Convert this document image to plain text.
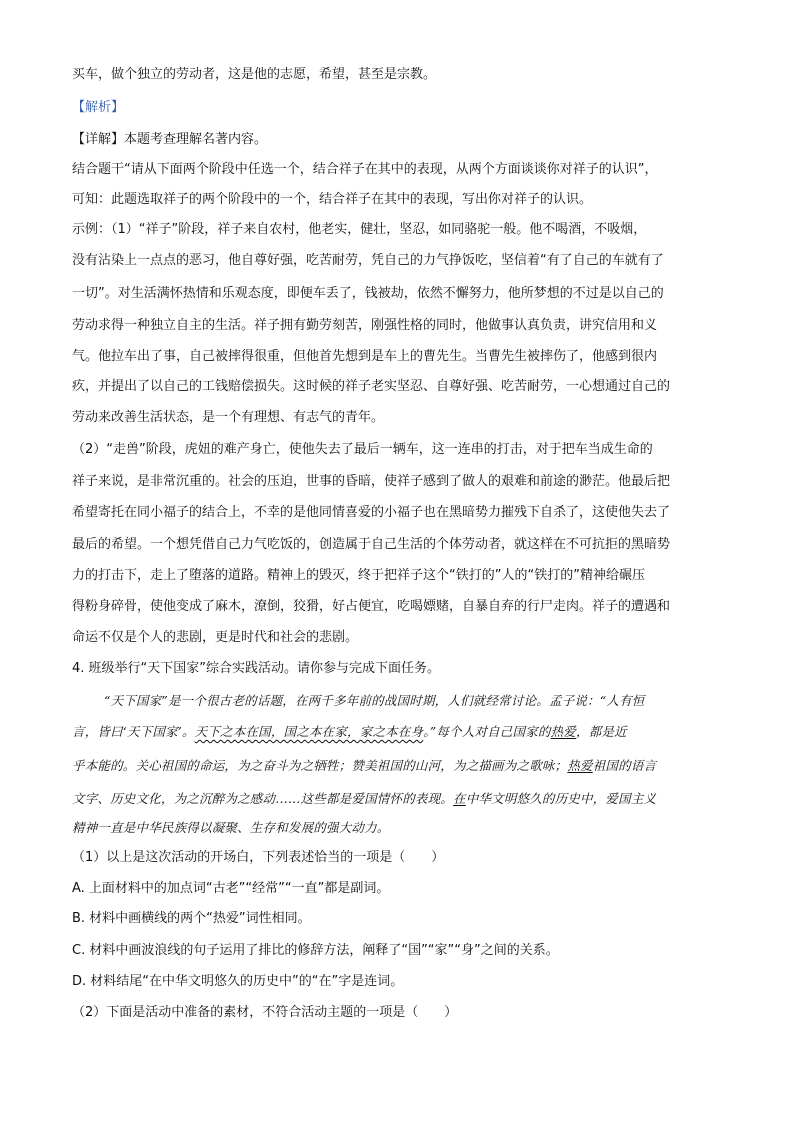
买车，做个独立的劳动者，这是他的志愿，希望，甚至是宗教。
【解析】
【详解】本题考查理解名著内容。
结合题干“请从下面两个阶段中任选一个，结合祥子在其中的表现，从两个方面谈谈你对祥子的认识”，
可知：此题选取祥子的两个阶段中的一个，结合祥子在其中的表现，写出你对祥子的认识。
示例：（1）“祥子”阶段，祥子来自农村，他老实，健壮，坚忍，如同骆驼一般。他不喝酒，不吸烟，
没有沾染上一点点的恶习，他自尊好强，吃苦耐劳，凭自己的力气挣饭吃，坚信着“有了自己的车就有了
一切”。对生活满怀热情和乐观态度，即便车丢了，钱被劫，依然不懈努力，他所梦想的不过是以自己的
劳动求得一种独立自主的生活。祥子拥有勤劳刻苦，刚强性格的同时，他做事认真负责，讲究信用和义
气。他拉车出了事，自己被摔得很重，但他首先想到是车上的曹先生。当曹先生被摔伤了，他感到很内
疚，并提出了以自己的工钱赔偿损失。这时候的祥子老实坚忍、自尊好强、吃苦耐劳，一心想通过自己的
劳动来改善生活状态，是一个有理想、有志气的青年。
（2）“走兽”阶段，虎妞的难产身亡，使他失去了最后一辆车，这一连串的打击，对于把车当成生命的
祥子来说，是非常沉重的。社会的压迫，世事的昏暗，使祥子感到了做人的艰难和前途的渺茫。他最后把
希望寄托在同小福子的结合上，不幸的是他同情喜爱的小福子也在黑暗势力摧残下自杀了，这使他失去了
最后的希望。一个想凭借自己力气吃饭的，创造属于自己生活的个体劳动者，就这样在不可抗拒的黑暗势
力的打击下，走上了堕落的道路。精神上的毁灭，终于把祥子这个“铁打的”人的“铁打的”精神给碾压
得粉身碎骨，使他变成了麻木，潦倒，狡猾，好占便宜，吃喝嫖赌，自暴自弃的行尸走肉。祥子的遭遇和
命运不仅是个人的悲剧，更是时代和社会的悲剧。
4. 班级举行“天下国家”综合实践活动。请你参与完成下面任务。
“天下国家”是一个很古老的话题，在两千多年前的战国时期，人们就经常讨论。孟子说：“人有恒
言，皆曰‘天下国家’。天下之本在国，国之本在家，家之本在身。”每个人对自己国家的热爱，都是近
乎本能的。关心祖国的命运，为之奋斗为之牺牲；赞美祖国的山河，为之描画为之歌咏；热爱祖国的语言
文字、历史文化，为之沉醉为之感动……这些都是爱国情怀的表现。在中华文明悠久的历史中，爱国主义
精神一直是中华民族得以凝聚、生存和发展的强大动力。
（1）以上是这次活动的开场白，下列表述恰当的一项是（　　）
A. 上面材料中的加点词“古老”“经常”“一直”都是副词。
B. 材料中画横线的两个“热爱”词性相同。
C. 材料中画波浪线的句子运用了排比的修辞方法，阐释了“国”“家”“身”之间的关系。
D. 材料结尾“在中华文明悠久的历史中”的“在”字是连词。
（2）下面是活动中准备的素材，不符合活动主题的一项是（　　）
